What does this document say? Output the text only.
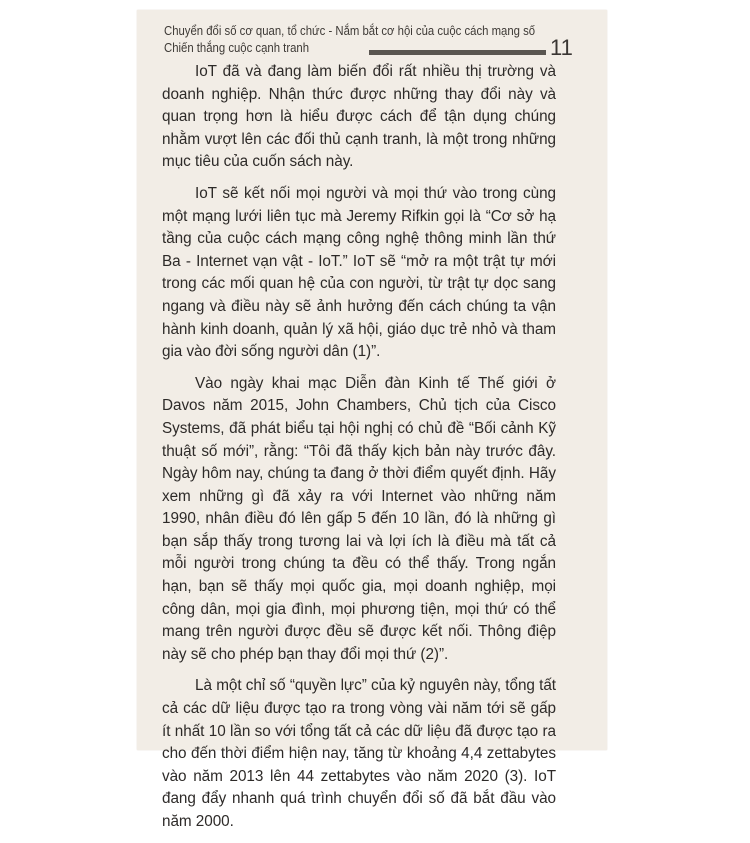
Chuyển đổi số cơ quan, tổ chức - Nắm bắt cơ hội của cuộc cách mạng số
Chiến thắng cuộc cạnh tranh	11

IoT đã và đang làm biến đổi rất nhiều thị trường và doanh nghiệp. Nhận thức được những thay đổi này và quan trọng hơn là hiểu được cách để tận dụng chúng nhằm vượt lên các đối thủ cạnh tranh, là một trong những mục tiêu của cuốn sách này.

IoT sẽ kết nối mọi người và mọi thứ vào trong cùng một mạng lưới liên tục mà Jeremy Rifkin gọi là “Cơ sở hạ tầng của cuộc cách mạng công nghệ thông minh lần thứ Ba - Internet vạn vật - IoT.” IoT sẽ “mở ra một trật tự mới trong các mối quan hệ của con người, từ trật tự dọc sang ngang và điều này sẽ ảnh hưởng đến cách chúng ta vận hành kinh doanh, quản lý xã hội, giáo dục trẻ nhỏ và tham gia vào đời sống người dân (1)”.

Vào ngày khai mạc Diễn đàn Kinh tế Thế giới ở Davos năm 2015, John Chambers, Chủ tịch của Cisco Systems, đã phát biểu tại hội nghị có chủ đề “Bối cảnh Kỹ thuật số mới”, rằng: “Tôi đã thấy kịch bản này trước đây. Ngày hôm nay, chúng ta đang ở thời điểm quyết định. Hãy xem những gì đã xảy ra với Internet vào những năm 1990, nhân điều đó lên gấp 5 đến 10 lần, đó là những gì bạn sắp thấy trong tương lai và lợi ích là điều mà tất cả mỗi người trong chúng ta đều có thể thấy. Trong ngắn hạn, bạn sẽ thấy mọi quốc gia, mọi doanh nghiệp, mọi công dân, mọi gia đình, mọi phương tiện, mọi thứ có thể mang trên người được đều sẽ được kết nối. Thông điệp này sẽ cho phép bạn thay đổi mọi thứ (2)”.

Là một chỉ số “quyền lực” của kỷ nguyên này, tổng tất cả các dữ liệu được tạo ra trong vòng vài năm tới sẽ gấp ít nhất 10 lần so với tổng tất cả các dữ liệu đã được tạo ra cho đến thời điểm hiện nay, tăng từ khoảng 4,4 zettabytes vào năm 2013 lên 44 zettabytes vào năm 2020 (3). IoT đang đẩy nhanh quá trình chuyển đổi số đã bắt đầu vào năm 2000.
